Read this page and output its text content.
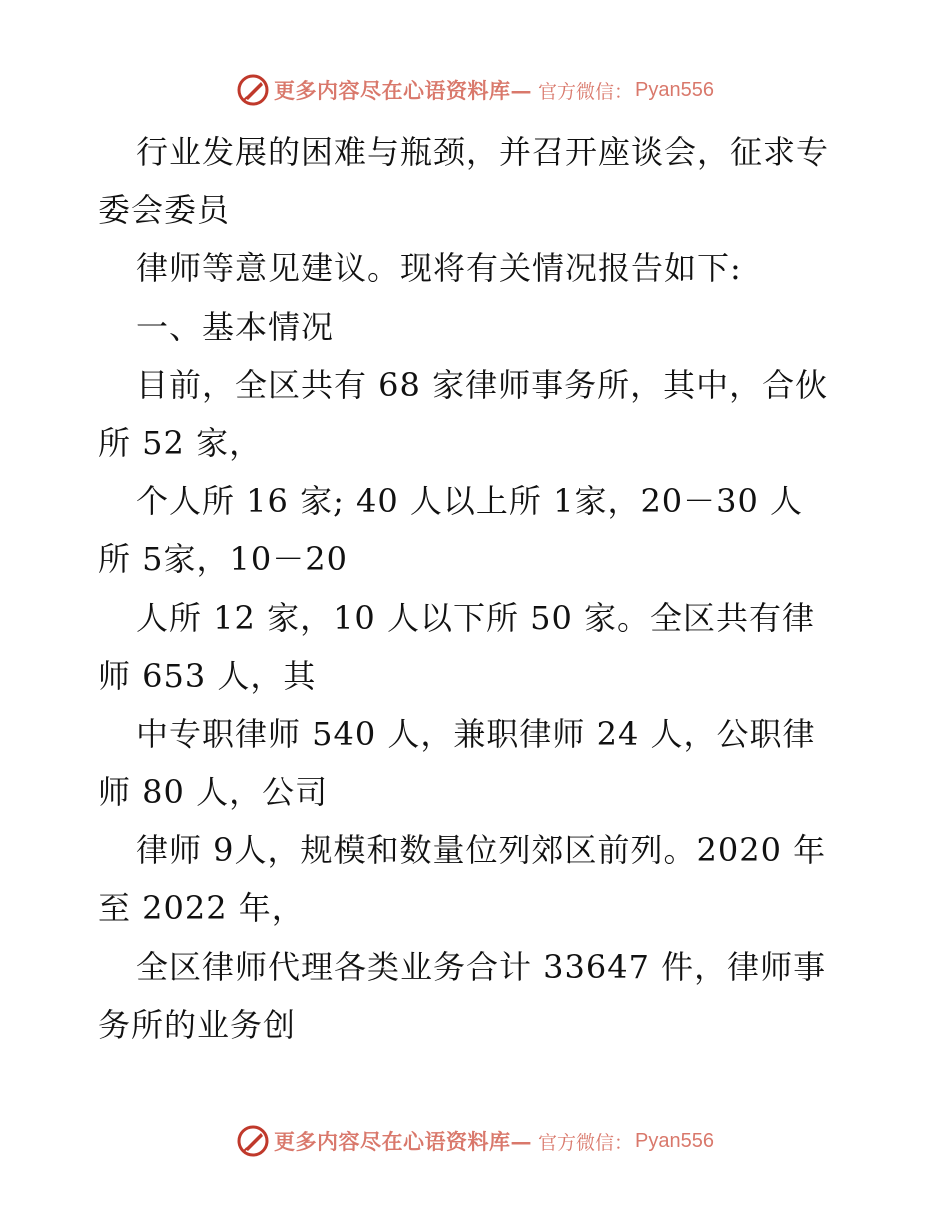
更多内容尽在心语资料库— 官方微信： Pyan556
行业发展的困难与瓶颈，并召开座谈会，征求专
委会委员
律师等意见建议。现将有关情况报告如下:
一、基本情况
目前，全区共有 68 家律师事务所，其中，合伙
所 52 家，
个人所 16 家; 40 人以上所 1家，20－30 人
所 5家，10－20
人所 12 家，10 人以下所 50 家。全区共有律
师 653 人，其
中专职律师 540 人，兼职律师 24 人，公职律
师 80 人，公司
律师 9人，规模和数量位列郊区前列。2020 年
至 2022 年，
全区律师代理各类业务合计 33647 件，律师事
务所的业务创
更多内容尽在心语资料库— 官方微信： Pyan556
